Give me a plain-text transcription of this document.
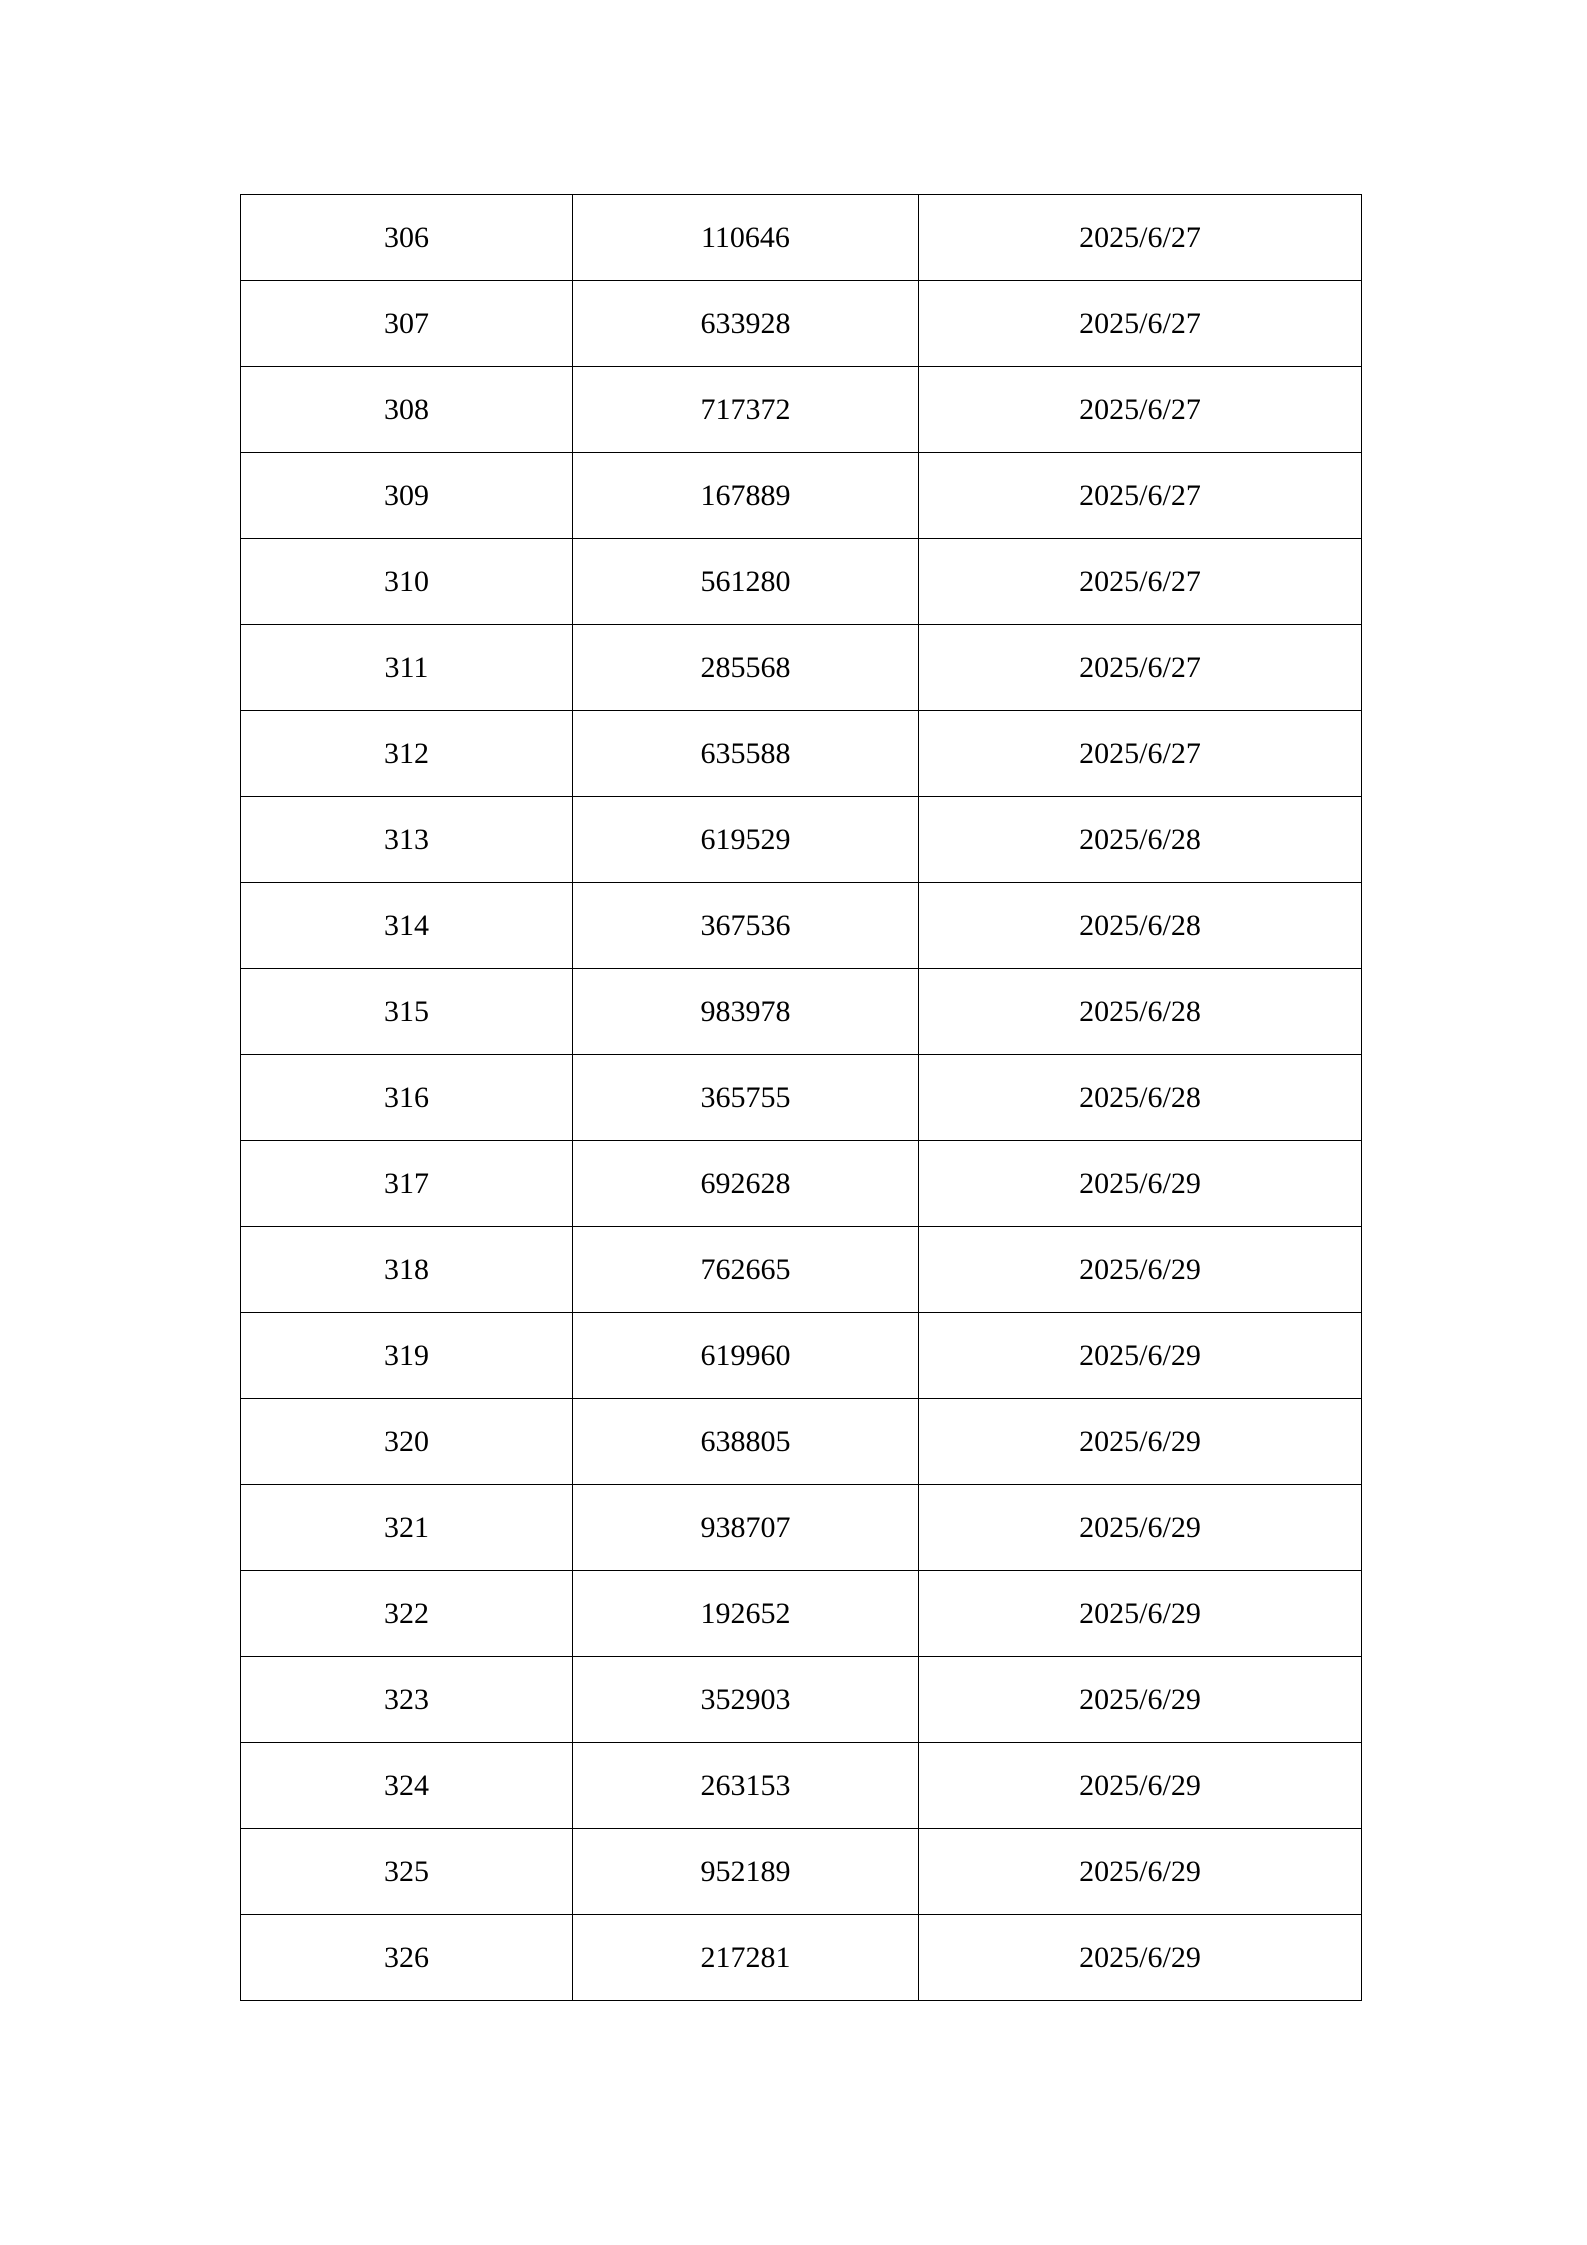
306	110646	2025/6/27
307	633928	2025/6/27
308	717372	2025/6/27
309	167889	2025/6/27
310	561280	2025/6/27
311	285568	2025/6/27
312	635588	2025/6/27
313	619529	2025/6/28
314	367536	2025/6/28
315	983978	2025/6/28
316	365755	2025/6/28
317	692628	2025/6/29
318	762665	2025/6/29
319	619960	2025/6/29
320	638805	2025/6/29
321	938707	2025/6/29
322	192652	2025/6/29
323	352903	2025/6/29
324	263153	2025/6/29
325	952189	2025/6/29
326	217281	2025/6/29
